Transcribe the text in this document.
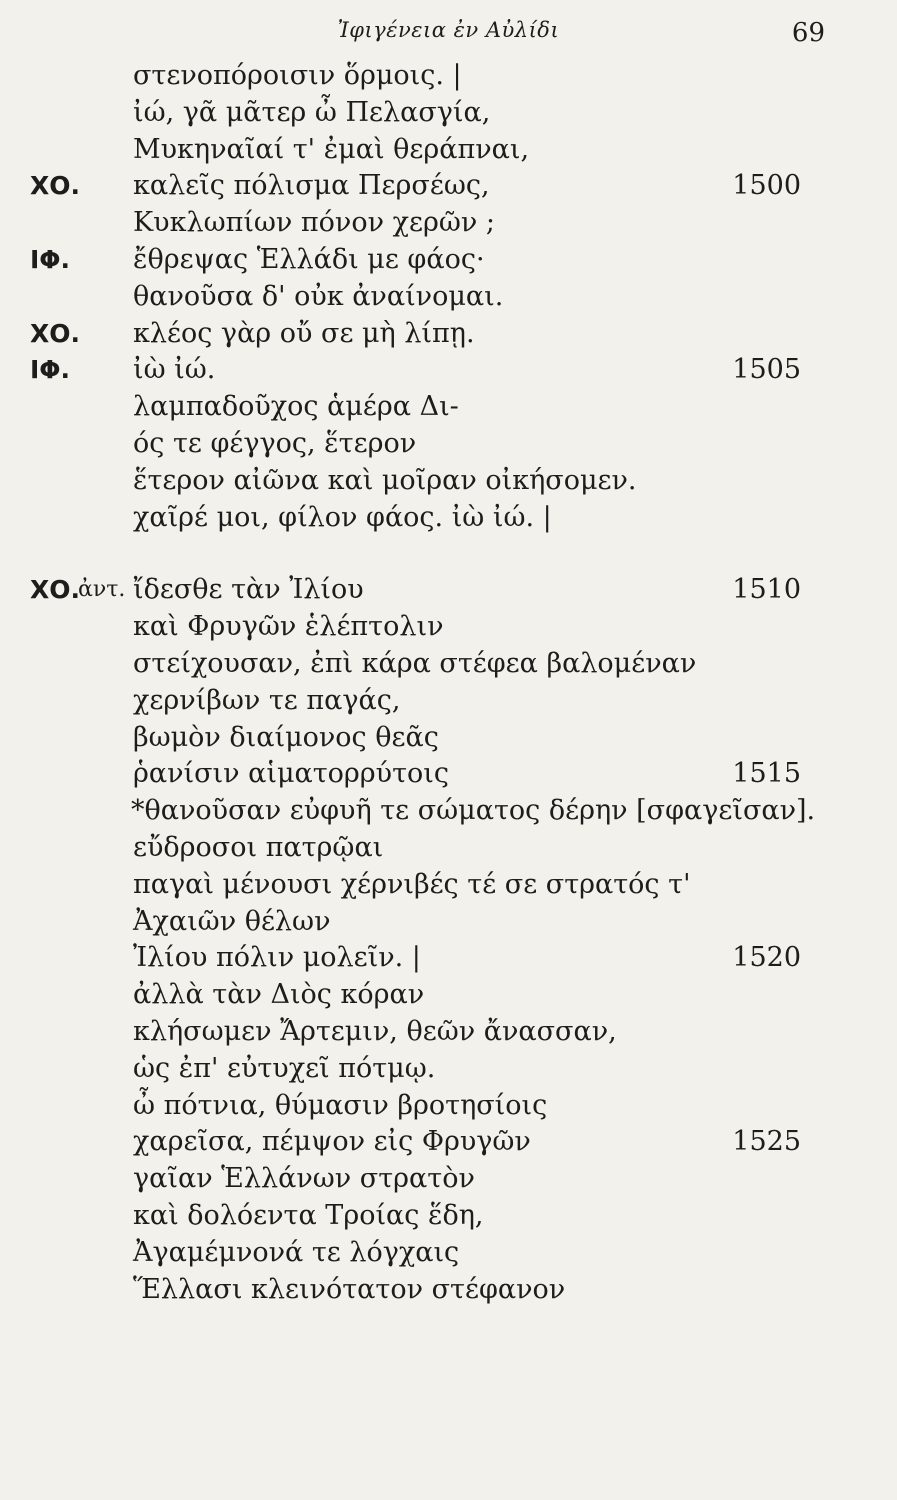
Ἰφιγένεια ἐν Αὐλίδι	69
στενοπόροισιν ὅρμοις. |
ἰώ, γᾶ μᾶτερ ὦ Πελασγία,
Μυκηναῖαί τ' ἐμαὶ θεράπναι,
ΧΟ. καλεῖς πόλισμα Περσέως,	1500
Κυκλωπίων πόνον χερῶν ;
ΙΦ. ἔθρεψας Ἑλλάδι με φάος·
θανοῦσα δ' οὐκ ἀναίνομαι.
ΧΟ. κλέος γὰρ οὔ σε μὴ λίπῃ.
ΙΦ. ἰὼ ἰώ.	1505
λαμπαδοῦχος ἁμέρα Δι-
ός τε φέγγος, ἕτερον
ἕτερον αἰῶνα καὶ μοῖραν οἰκήσομεν.
χαῖρέ μοι, φίλον φάος. ἰὼ ἰώ. |
ΧΟ.
ἀντ. ἴδεσθε τὰν Ἰλίου	1510
καὶ Φρυγῶν ἑλέπτολιν
στείχουσαν, ἐπὶ κάρα στέφεα βαλομέναν
χερνίβων τε παγάς,
βωμὸν διαίμονος θεᾶς
ῥανίσιν αἱματορρύτοις	1515
*θανοῦσαν εὐφυῆ τε σώματος δέρην [σφαγεῖσαν].
εὔδροσοι πατρῷαι
παγαὶ μένουσι χέρνιβές τέ σε στρατός τ'
Ἀχαιῶν θέλων
Ἰλίου πόλιν μολεῖν. |	1520
ἀλλὰ τὰν Διὸς κόραν
κλήσωμεν Ἄρτεμιν, θεῶν ἄνασσαν,
ὡς ἐπ' εὐτυχεῖ πότμῳ.
ὦ πότνια, θύμασιν βροτησίοις
χαρεῖσα, πέμψον εἰς Φρυγῶν	1525
γαῖαν Ἑλλάνων στρατὸν
καὶ δολόεντα Τροίας ἕδη,
Ἀγαμέμνονά τε λόγχαις
Ἕλλασι κλεινότατον στέφανον
